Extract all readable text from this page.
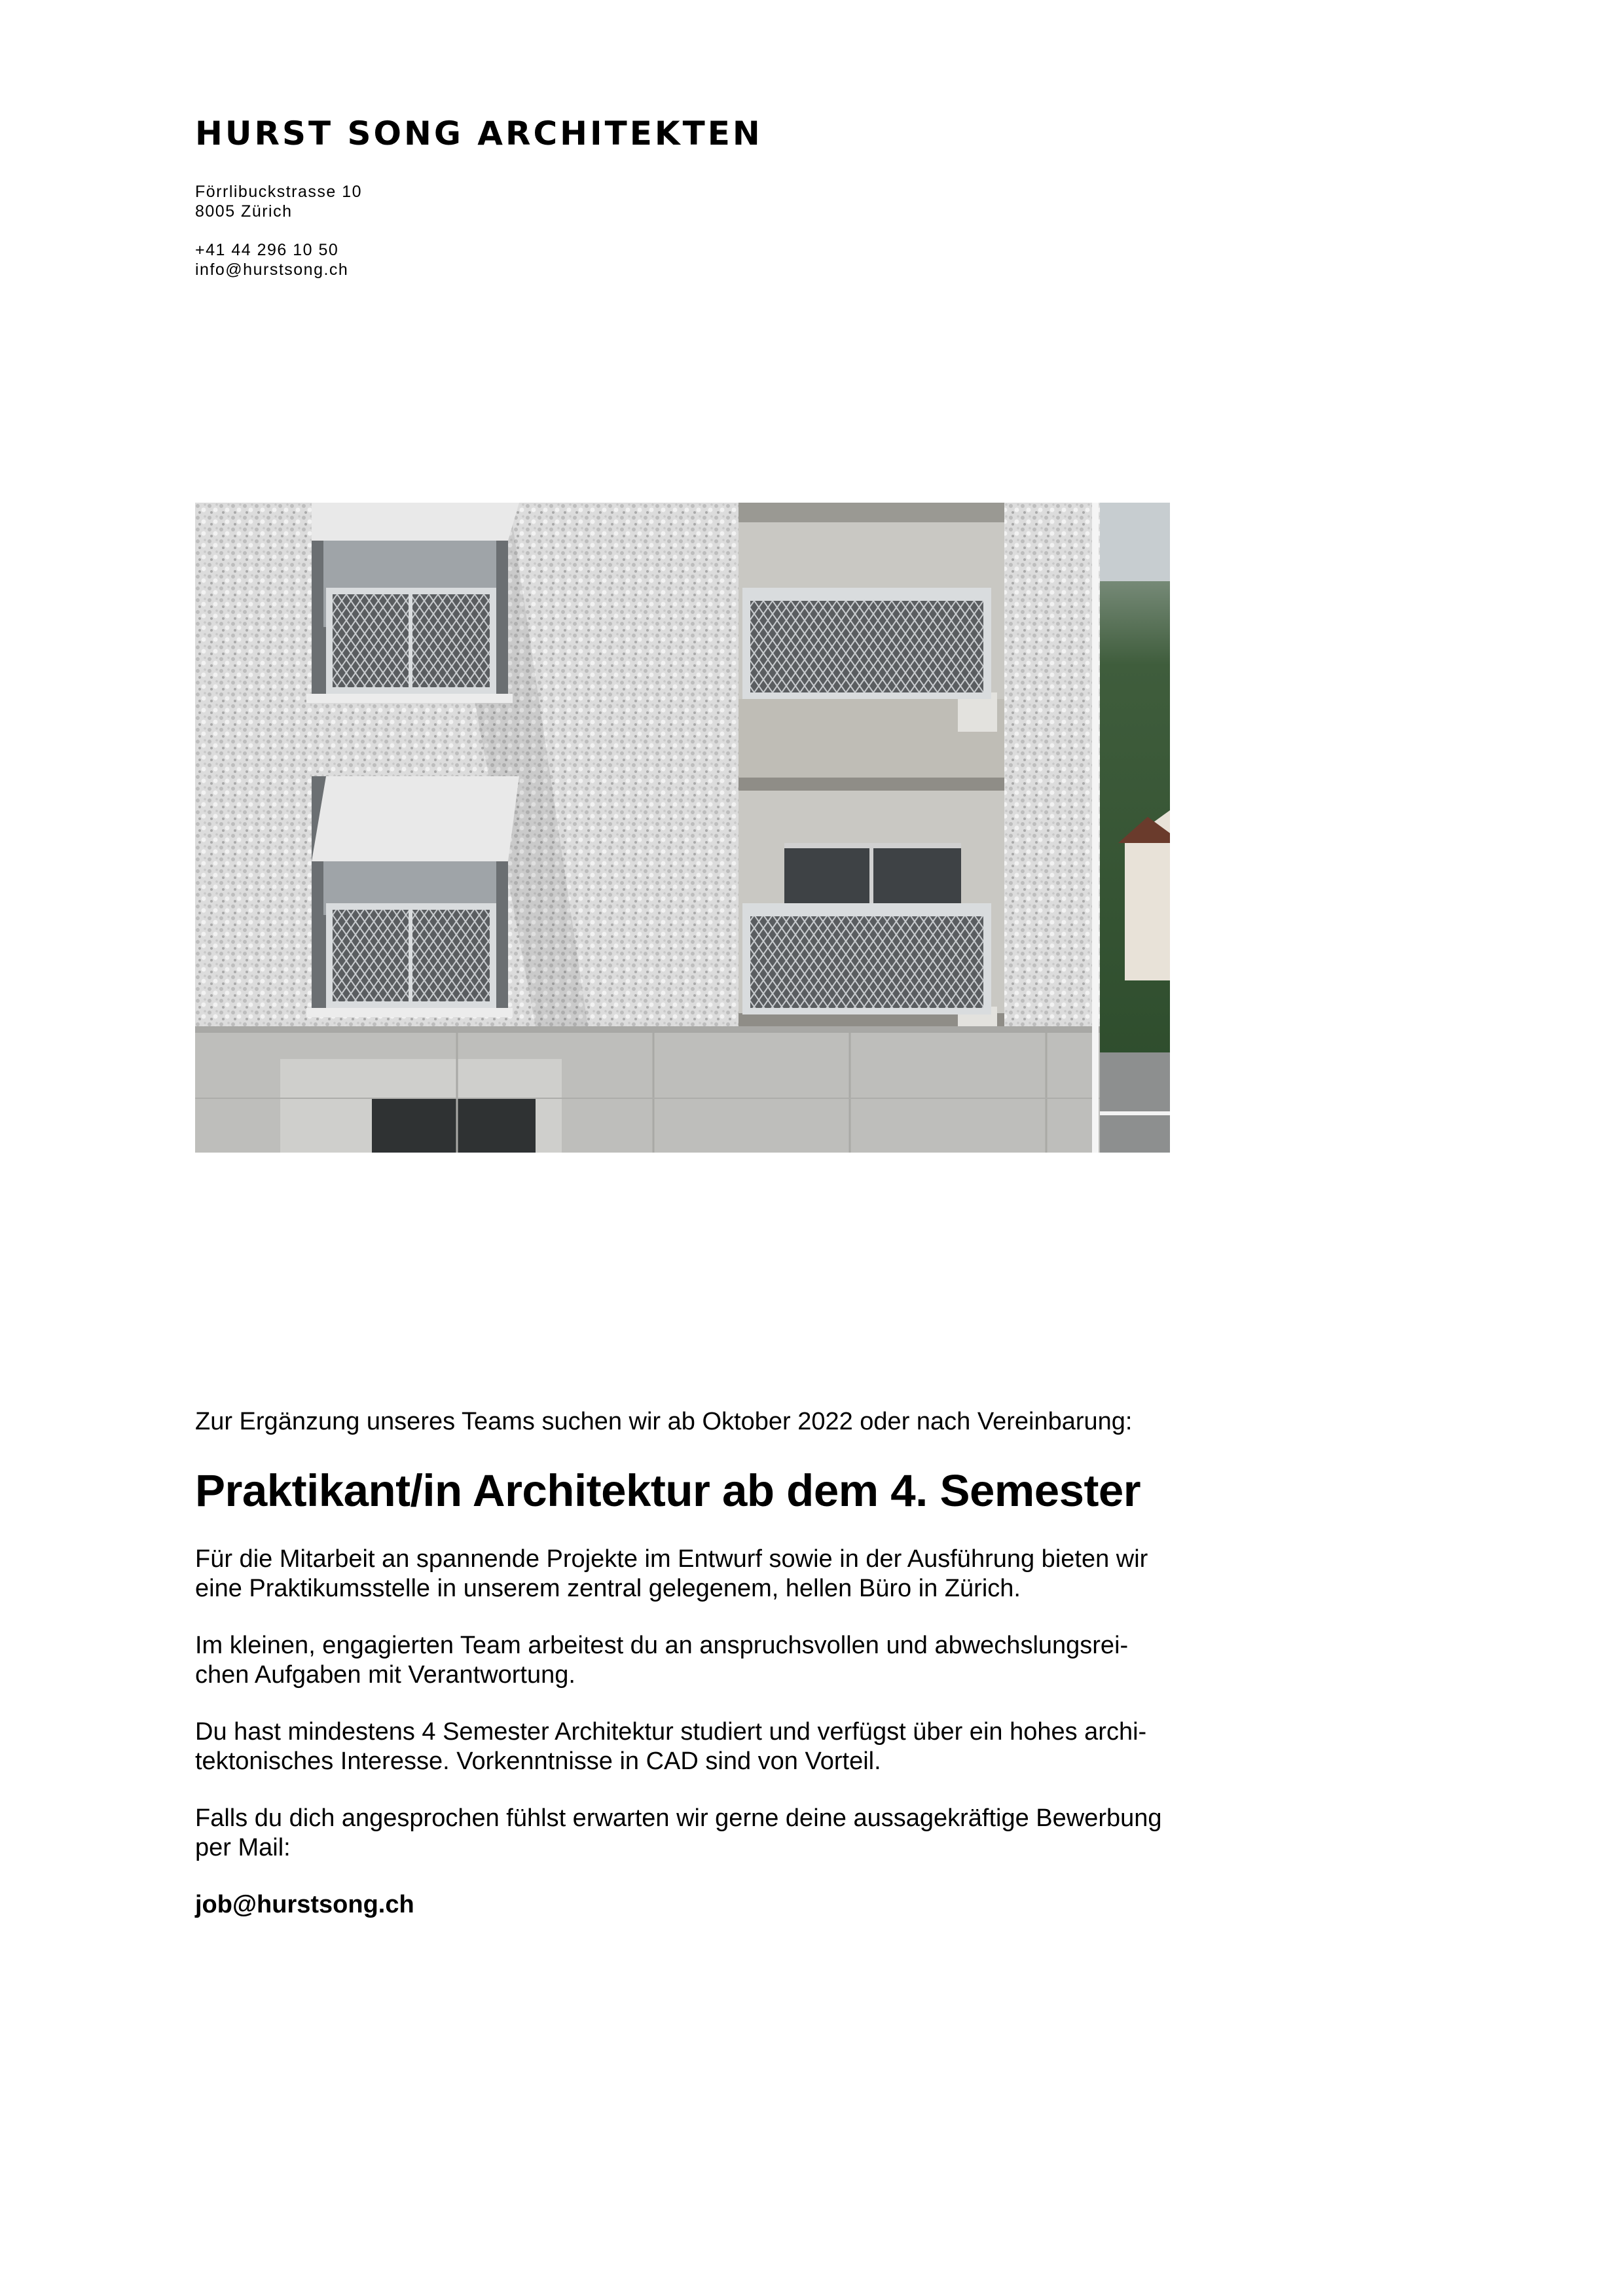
HURST SONG ARCHITEKTEN
Förrlibuckstrasse 10
8005 Zürich
+41 44 296 10 50
info@hurstsong.ch

Zur Ergänzung unseres Teams suchen wir ab Oktober 2022 oder nach Vereinbarung:

Praktikant/in Architektur ab dem 4. Semester
Für die Mitarbeit an spannende Projekte im Entwurf sowie in der Ausführung bieten wir
eine Praktikumsstelle in unserem zentral gelegenem, hellen Büro in Zürich.
Im kleinen, engagierten Team arbeitest du an anspruchsvollen und abwechslungsrei-
chen Aufgaben mit Verantwortung.
Du hast mindestens 4 Semester Architektur studiert und verfügst über ein hohes archi-
tektonisches Interesse. Vorkenntnisse in CAD sind von Vorteil.
Falls du dich angesprochen fühlst erwarten wir gerne deine aussagekräftige Bewerbung
per Mail:

job@hurstsong.ch
